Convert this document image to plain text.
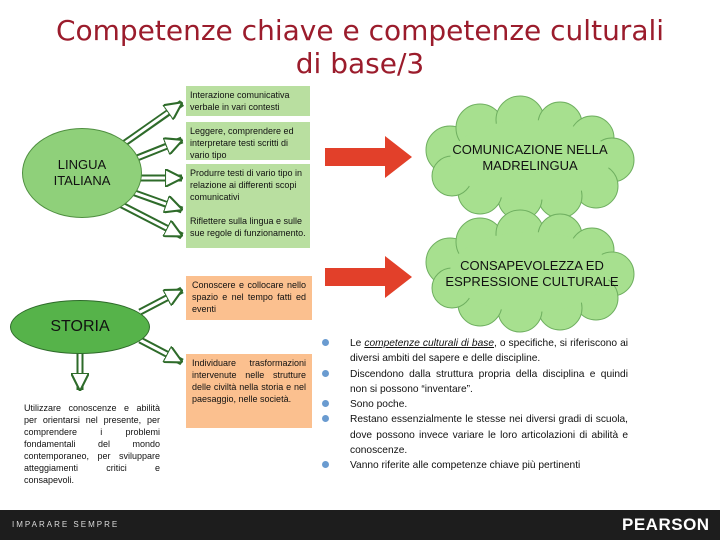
Competenze chiave e competenze culturali
di base/3
LINGUA
ITALIANA
Interazione comunicativa verbale in vari contesti
Leggere, comprendere ed interpretare testi scritti di vario tipo
Produrre testi di vario tipo in relazione ai differenti scopi comunicativi
Riflettere sulla lingua e sulle sue regole di funzionamento.
COMUNICAZIONE NELLA MADRELINGUA
STORIA
Conoscere e collocare nello spazio e nel tempo fatti ed eventi
Individuare trasformazioni intervenute nelle strutture delle civiltà nella storia e nel paesaggio, nelle società.
Utilizzare conoscenze e abilità per orientarsi nel presente, per comprendere i problemi fondamentali del mondo contemporaneo, per sviluppare atteggiamenti critici e consapevoli.
CONSAPEVOLEZZA ED ESPRESSIONE CULTURALE
Le competenze culturali di base, o specifiche, si riferiscono ai diversi ambiti del sapere e delle discipline.
Discendono dalla struttura propria della disciplina e quindi non si possono “inventare”.
Sono poche.
Restano essenzialmente le stesse nei diversi gradi di scuola, dove possono invece variare le loro articolazioni di abilità e conoscenze.
Vanno riferite alle competenze chiave più pertinenti
IMPARARE SEMPRE	PEARSON
